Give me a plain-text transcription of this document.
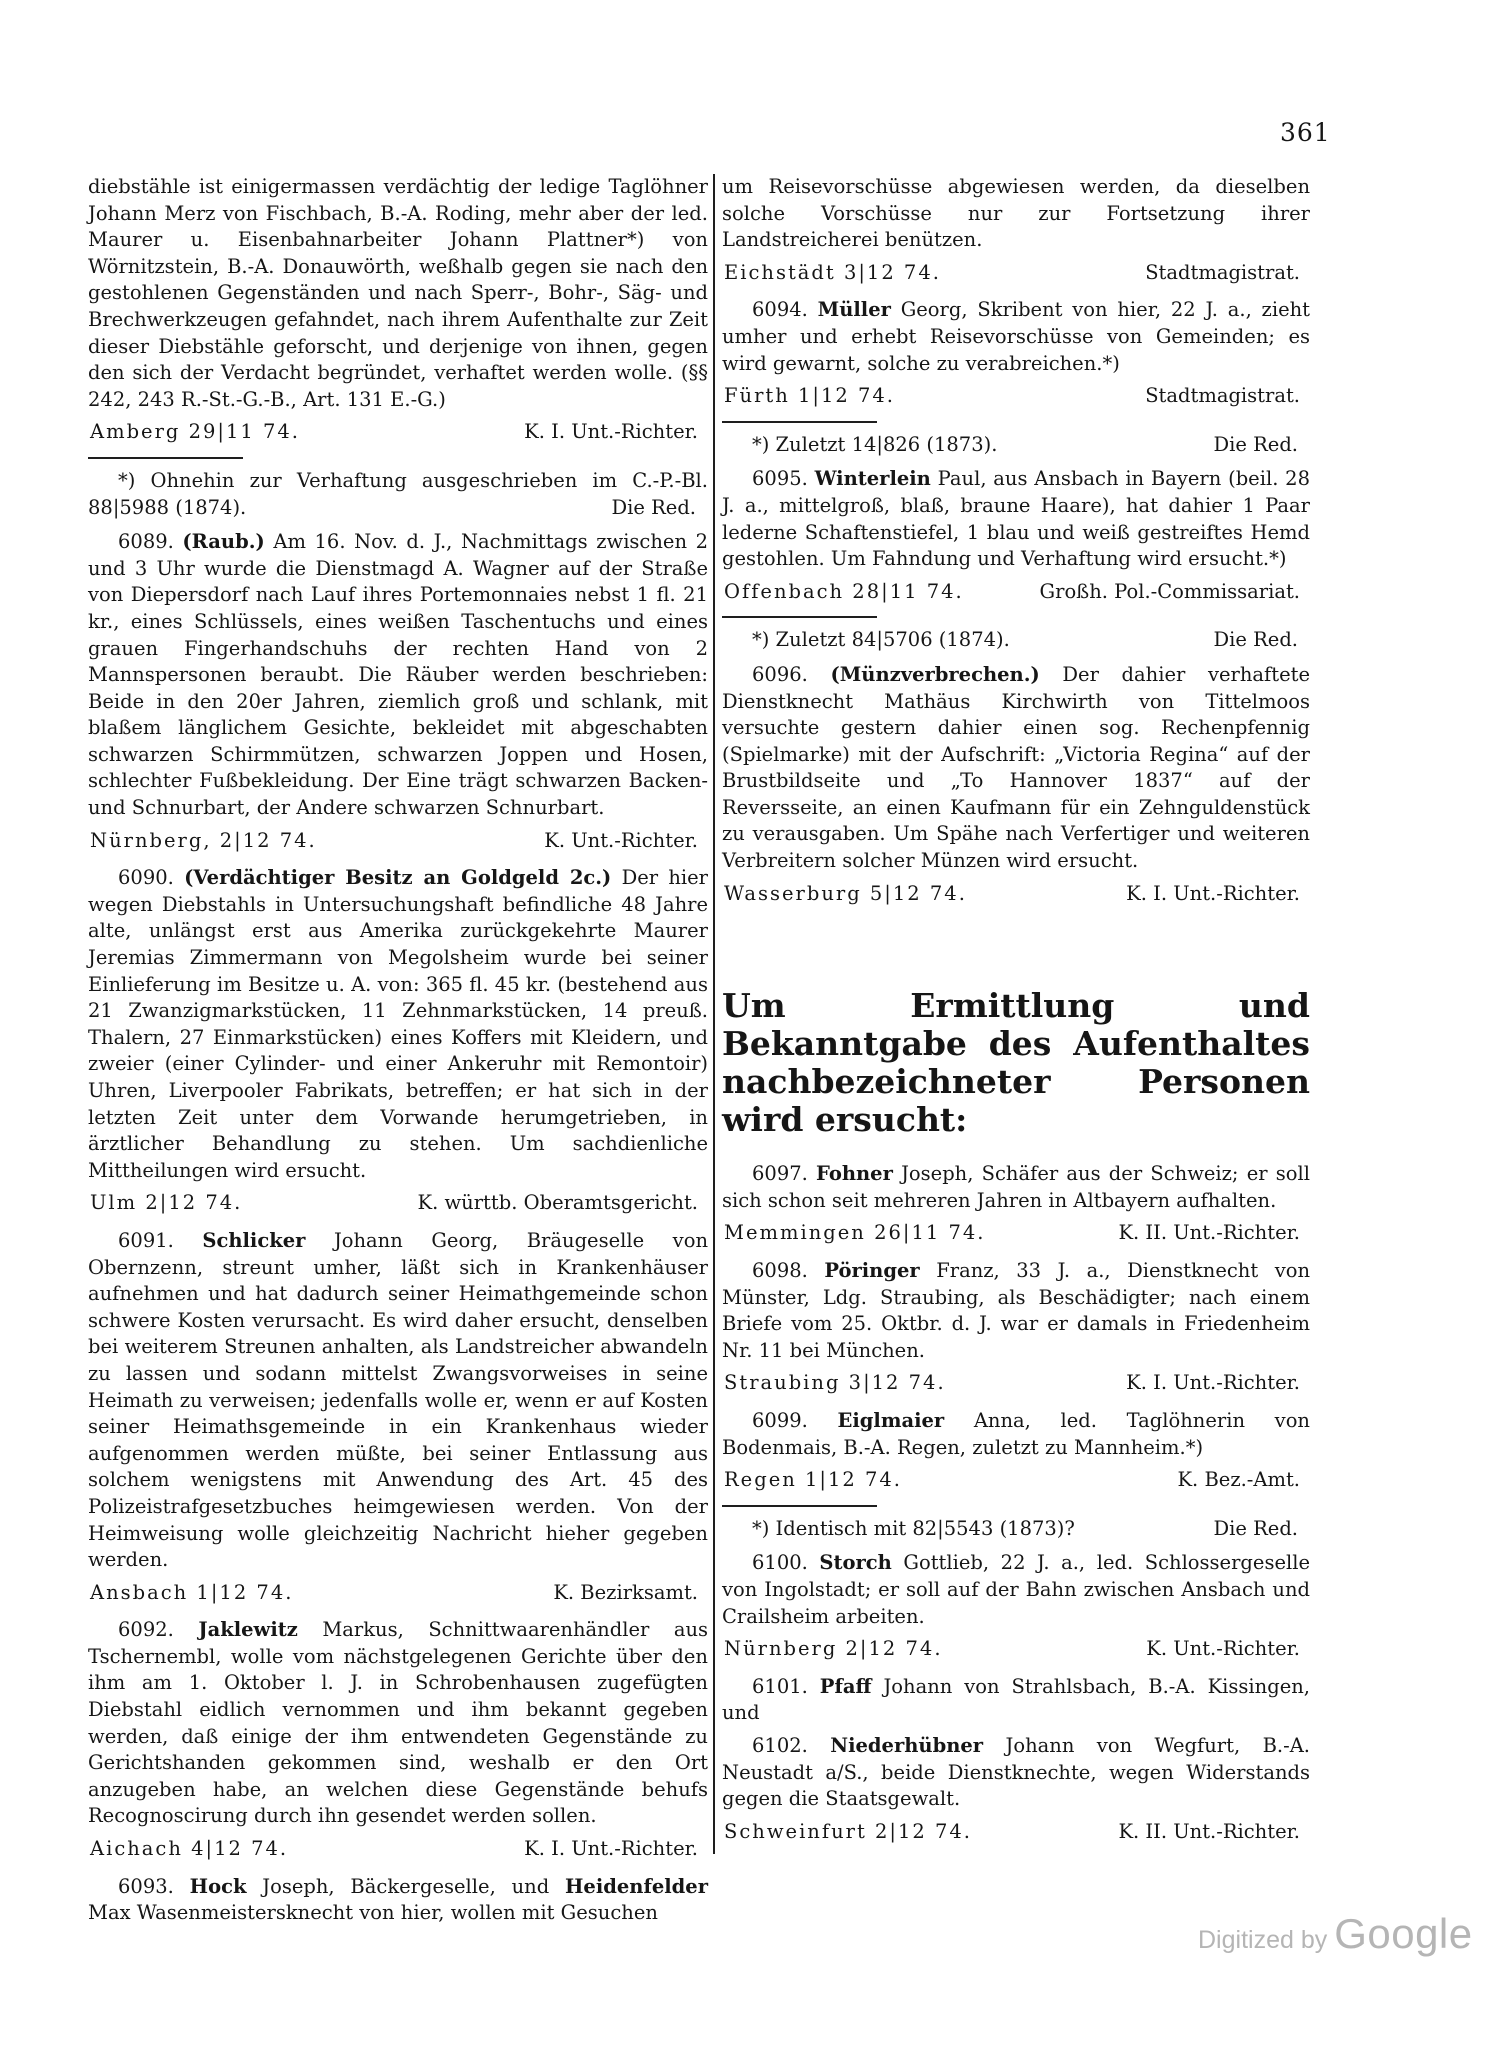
361

diebstähle ist einigermassen verdächtig der ledige Taglöhner Johann Merz von Fischbach, B.-A. Roding, mehr aber der led. Maurer u. Eisenbahnarbeiter Johann Plattner*) von Wörnitzstein, B.-A. Donauwörth, weßhalb gegen sie nach den gestohlenen Gegenständen und nach Sperr-, Bohr-, Säg- und Brechwerkzeugen gefahndet, nach ihrem Aufenthalte zur Zeit dieser Diebstähle geforscht, und derjenige von ihnen, gegen den sich der Verdacht begründet, verhaftet werden wolle. (§§ 242, 243 R.-St.-G.-B., Art. 131 E.-G.)

Amberg 29|11 74.	K. I. Unt.-Richter.

*) Ohnehin zur Verhaftung ausgeschrieben im C.-P.-Bl. 88|5988 (1874).	Die Red.

6089. (Raub.) Am 16. Nov. d. J., Nachmittags zwischen 2 und 3 Uhr wurde die Dienstmagd A. Wagner auf der Straße von Diepersdorf nach Lauf ihres Portemonnaies nebst 1 fl. 21 kr., eines Schlüssels, eines weißen Taschentuchs und eines grauen Fingerhandschuhs der rechten Hand von 2 Mannspersonen beraubt. Die Räuber werden beschrieben: Beide in den 20er Jahren, ziemlich groß und schlank, mit blaßem länglichem Gesichte, bekleidet mit abgeschabten schwarzen Schirmmützen, schwarzen Joppen und Hosen, schlechter Fußbekleidung. Der Eine trägt schwarzen Backen- und Schnurbart, der Andere schwarzen Schnurbart.

Nürnberg, 2|12 74.	K. Unt.-Richter.

6090. (Verdächtiger Besitz an Goldgeld 2c.) Der hier wegen Diebstahls in Untersuchungshaft befindliche 48 Jahre alte, unlängst erst aus Amerika zurückgekehrte Maurer Jeremias Zimmermann von Megolsheim wurde bei seiner Einlieferung im Besitze u. A. von: 365 fl. 45 kr. (bestehend aus 21 Zwanzigmarkstücken, 11 Zehnmarkstücken, 14 preuß. Thalern, 27 Einmarkstücken) eines Koffers mit Kleidern, und zweier (einer Cylinder- und einer Ankeruhr mit Remontoir) Uhren, Liverpooler Fabrikats, betreffen; er hat sich in der letzten Zeit unter dem Vorwande herumgetrieben, in ärztlicher Behandlung zu stehen. Um sachdienliche Mittheilungen wird ersucht.

Ulm 2|12 74.	K. württb. Oberamtsgericht.

6091. Schlicker Johann Georg, Bräugeselle von Obernzenn, streunt umher, läßt sich in Krankenhäuser aufnehmen und hat dadurch seiner Heimathgemeinde schon schwere Kosten verursacht. Es wird daher ersucht, denselben bei weiterem Streunen anhalten, als Landstreicher abwandeln zu lassen und sodann mittelst Zwangsvorweises in seine Heimath zu verweisen; jedenfalls wolle er, wenn er auf Kosten seiner Heimathsgemeinde in ein Krankenhaus wieder aufgenommen werden müßte, bei seiner Entlassung aus solchem wenigstens mit Anwendung des Art. 45 des Polizeistrafgesetzbuches heimgewiesen werden. Von der Heimweisung wolle gleichzeitig Nachricht hieher gegeben werden.

Ansbach 1|12 74.	K. Bezirksamt.

6092. Jaklewitz Markus, Schnittwaarenhändler aus Tschernembl, wolle vom nächstgelegenen Gerichte über den ihm am 1. Oktober l. J. in Schrobenhausen zugefügten Diebstahl eidlich vernommen und ihm bekannt gegeben werden, daß einige der ihm entwendeten Gegenstände zu Gerichtshanden gekommen sind, weshalb er den Ort anzugeben habe, an welchen diese Gegenstände behufs Recognoscirung durch ihn gesendet werden sollen.

Aichach 4|12 74.	K. I. Unt.-Richter.

6093. Hock Joseph, Bäckergeselle, und Heidenfelder Max Wasenmeistersknecht von hier, wollen mit Gesuchen

um Reisevorschüsse abgewiesen werden, da dieselben solche Vorschüsse nur zur Fortsetzung ihrer Landstreicherei benützen.

Eichstädt 3|12 74.	Stadtmagistrat.

6094. Müller Georg, Skribent von hier, 22 J. a., zieht umher und erhebt Reisevorschüsse von Gemeinden; es wird gewarnt, solche zu verabreichen.*)

Fürth 1|12 74.	Stadtmagistrat.

*) Zuletzt 14|826 (1873).	Die Red.

6095. Winterlein Paul, aus Ansbach in Bayern (beil. 28 J. a., mittelgroß, blaß, braune Haare), hat dahier 1 Paar lederne Schaftenstiefel, 1 blau und weiß gestreiftes Hemd gestohlen. Um Fahndung und Verhaftung wird ersucht.*)

Offenbach 28|11 74.	Großh. Pol.-Commissariat.

*) Zuletzt 84|5706 (1874).	Die Red.

6096. (Münzverbrechen.) Der dahier verhaftete Dienstknecht Mathäus Kirchwirth von Tittelmoos versuchte gestern dahier einen sog. Rechenpfennig (Spielmarke) mit der Aufschrift: „Victoria Regina“ auf der Brustbildseite und „To Hannover 1837“ auf der Reversseite, an einen Kaufmann für ein Zehnguldenstück zu verausgaben. Um Spähe nach Verfertiger und weiteren Verbreitern solcher Münzen wird ersucht.

Wasserburg 5|12 74.	K. I. Unt.-Richter.
Um Ermittlung und Bekanntgabe des Aufenthaltes nachbezeichneter Personen wird ersucht:

6097. Fohner Joseph, Schäfer aus der Schweiz; er soll sich schon seit mehreren Jahren in Altbayern aufhalten.

Memmingen 26|11 74.	K. II. Unt.-Richter.

6098. Pöringer Franz, 33 J. a., Dienstknecht von Münster, Ldg. Straubing, als Beschädigter; nach einem Briefe vom 25. Oktbr. d. J. war er damals in Friedenheim Nr. 11 bei München.

Straubing 3|12 74.	K. I. Unt.-Richter.

6099. Eiglmaier Anna, led. Taglöhnerin von Bodenmais, B.-A. Regen, zuletzt zu Mannheim.*)

Regen 1|12 74.	K. Bez.-Amt.

*) Identisch mit 82|5543 (1873)?	Die Red.

6100. Storch Gottlieb, 22 J. a., led. Schlossergeselle von Ingolstadt; er soll auf der Bahn zwischen Ansbach und Crailsheim arbeiten.

Nürnberg 2|12 74.	K. Unt.-Richter.

6101. Pfaff Johann von Strahlsbach, B.-A. Kissingen, und

6102. Niederhübner Johann von Wegfurt, B.-A. Neustadt a/S., beide Dienstknechte, wegen Widerstands gegen die Staatsgewalt.

Schweinfurt 2|12 74.	K. II. Unt.-Richter.
Digitized by Google
